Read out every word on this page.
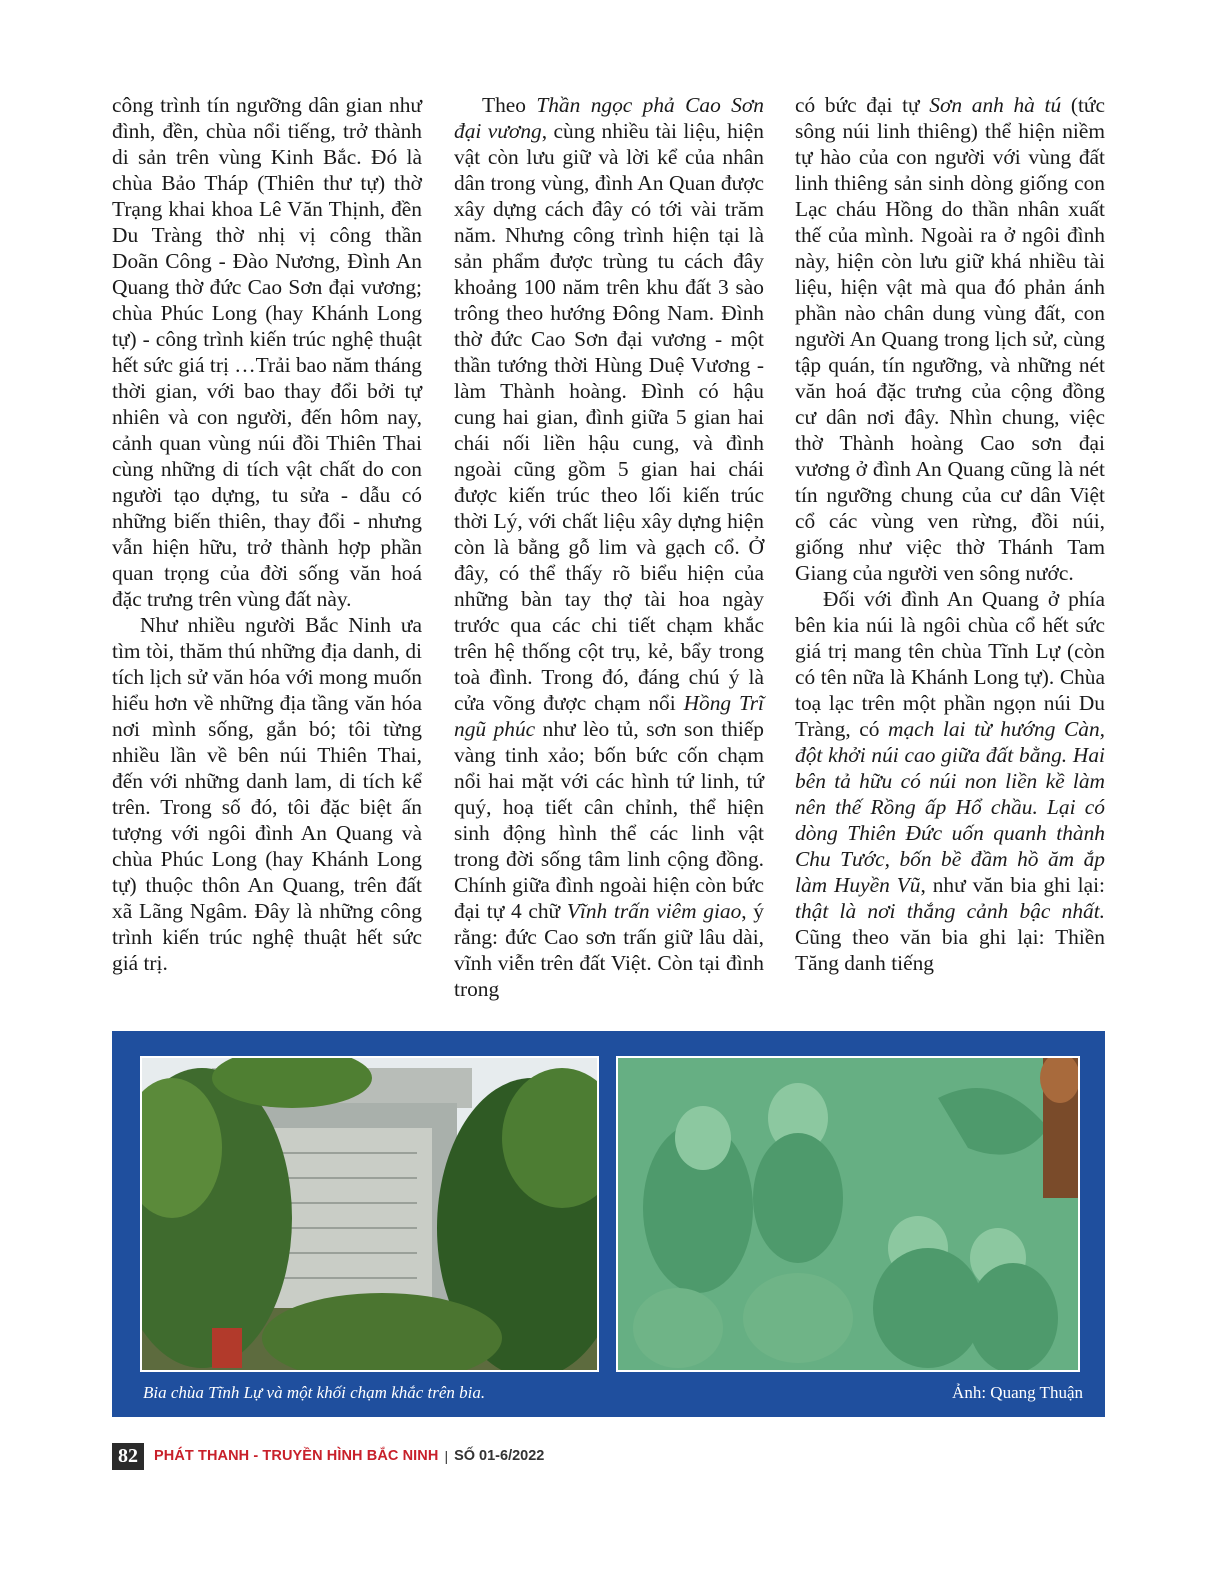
công trình tín ngưỡng dân gian như đình, đền, chùa nổi tiếng, trở thành di sản trên vùng Kinh Bắc. Đó là chùa Bảo Tháp (Thiên thư tự) thờ Trạng khai khoa Lê Văn Thịnh, đền Du Tràng thờ nhị vị công thần Doãn Công - Đào Nương, Đình An Quang thờ đức Cao Sơn đại vương; chùa Phúc Long (hay Khánh Long tự) - công trình kiến trúc nghệ thuật hết sức giá trị …Trải bao năm tháng thời gian, với bao thay đổi bởi tự nhiên và con người, đến hôm nay, cảnh quan vùng núi đồi Thiên Thai cùng những di tích vật chất do con người tạo dựng, tu sửa - dẫu có những biến thiên, thay đổi - nhưng vẫn hiện hữu, trở thành hợp phần quan trọng của đời sống văn hoá đặc trưng trên vùng đất này.

Như nhiều người Bắc Ninh ưa tìm tòi, thăm thú những địa danh, di tích lịch sử văn hóa với mong muốn hiểu hơn về những địa tầng văn hóa nơi mình sống, gắn bó; tôi từng nhiều lần về bên núi Thiên Thai, đến với những danh lam, di tích kể trên. Trong số đó, tôi đặc biệt ấn tượng với ngôi đình An Quang và chùa Phúc Long (hay Khánh Long tự) thuộc thôn An Quang, trên đất xã Lãng Ngâm. Đây là những công trình kiến trúc nghệ thuật hết sức giá trị.

Theo Thần ngọc phả Cao Sơn đại vương, cùng nhiều tài liệu, hiện vật còn lưu giữ và lời kể của nhân dân trong vùng, đình An Quan được xây dựng cách đây có tới vài trăm năm. Nhưng công trình hiện tại là sản phẩm được trùng tu cách đây khoảng 100 năm trên khu đất 3 sào trông theo hướng Đông Nam. Đình thờ đức Cao Sơn đại vương - một thần tướng thời Hùng Duệ Vương - làm Thành hoàng. Đình có hậu cung hai gian, đình giữa 5 gian hai chái nối liền hậu cung, và đình ngoài cũng gồm 5 gian hai chái được kiến trúc theo lối kiến trúc thời Lý, với chất liệu xây dựng hiện còn là bằng gỗ lim và gạch cổ. Ở đây, có thể thấy rõ biểu hiện của những bàn tay thợ tài hoa ngày trước qua các chi tiết chạm khắc trên hệ thống cột trụ, kẻ, bẩy trong toà đình. Trong đó, đáng chú ý là cửa võng được chạm nổi Hồng Trĩ ngũ phúc như lèo tủ, sơn son thiếp vàng tinh xảo; bốn bức cốn chạm nổi hai mặt với các hình tứ linh, tứ quý, hoạ tiết cân chỉnh, thể hiện sinh động hình thể các linh vật trong đời sống tâm linh cộng đồng. Chính giữa đình ngoài hiện còn bức đại tự 4 chữ Vĩnh trấn viêm giao, ý rằng: đức Cao sơn trấn giữ lâu dài, vĩnh viễn trên đất Việt. Còn tại đình trong

có bức đại tự Sơn anh hà tú (tức sông núi linh thiêng) thể hiện niềm tự hào của con người với vùng đất linh thiêng sản sinh dòng giống con Lạc cháu Hồng do thần nhân xuất thế của mình. Ngoài ra ở ngôi đình này, hiện còn lưu giữ khá nhiều tài liệu, hiện vật mà qua đó phản ánh phần nào chân dung vùng đất, con người An Quang trong lịch sử, cùng tập quán, tín ngưỡng, và những nét văn hoá đặc trưng của cộng đồng cư dân nơi đây. Nhìn chung, việc thờ Thành hoàng Cao sơn đại vương ở đình An Quang cũng là nét tín ngưỡng chung của cư dân Việt cổ các vùng ven rừng, đồi núi, giống như việc thờ Thánh Tam Giang của người ven sông nước.

Đối với đình An Quang ở phía bên kia núi là ngôi chùa cổ hết sức giá trị mang tên chùa Tĩnh Lự (còn có tên nữa là Khánh Long tự). Chùa toạ lạc trên một phần ngọn núi Du Tràng, có mạch lai từ hướng Càn, đột khởi núi cao giữa đất bằng. Hai bên tả hữu có núi non liền kề làm nên thế Rồng ấp Hổ chầu. Lại có dòng Thiên Đức uốn quanh thành Chu Tước, bốn bề đầm hồ ăm ắp làm Huyền Vũ, như văn bia ghi lại: thật là nơi thắng cảnh bậc nhất. Cũng theo văn bia ghi lại: Thiền Tăng danh tiếng

Bia chùa Tĩnh Lự và một khối chạm khắc trên bia.	Ảnh: Quang Thuận
82	PHÁT THANH - TRUYỀN HÌNH BẮC NINH | SỐ 01-6/2022
